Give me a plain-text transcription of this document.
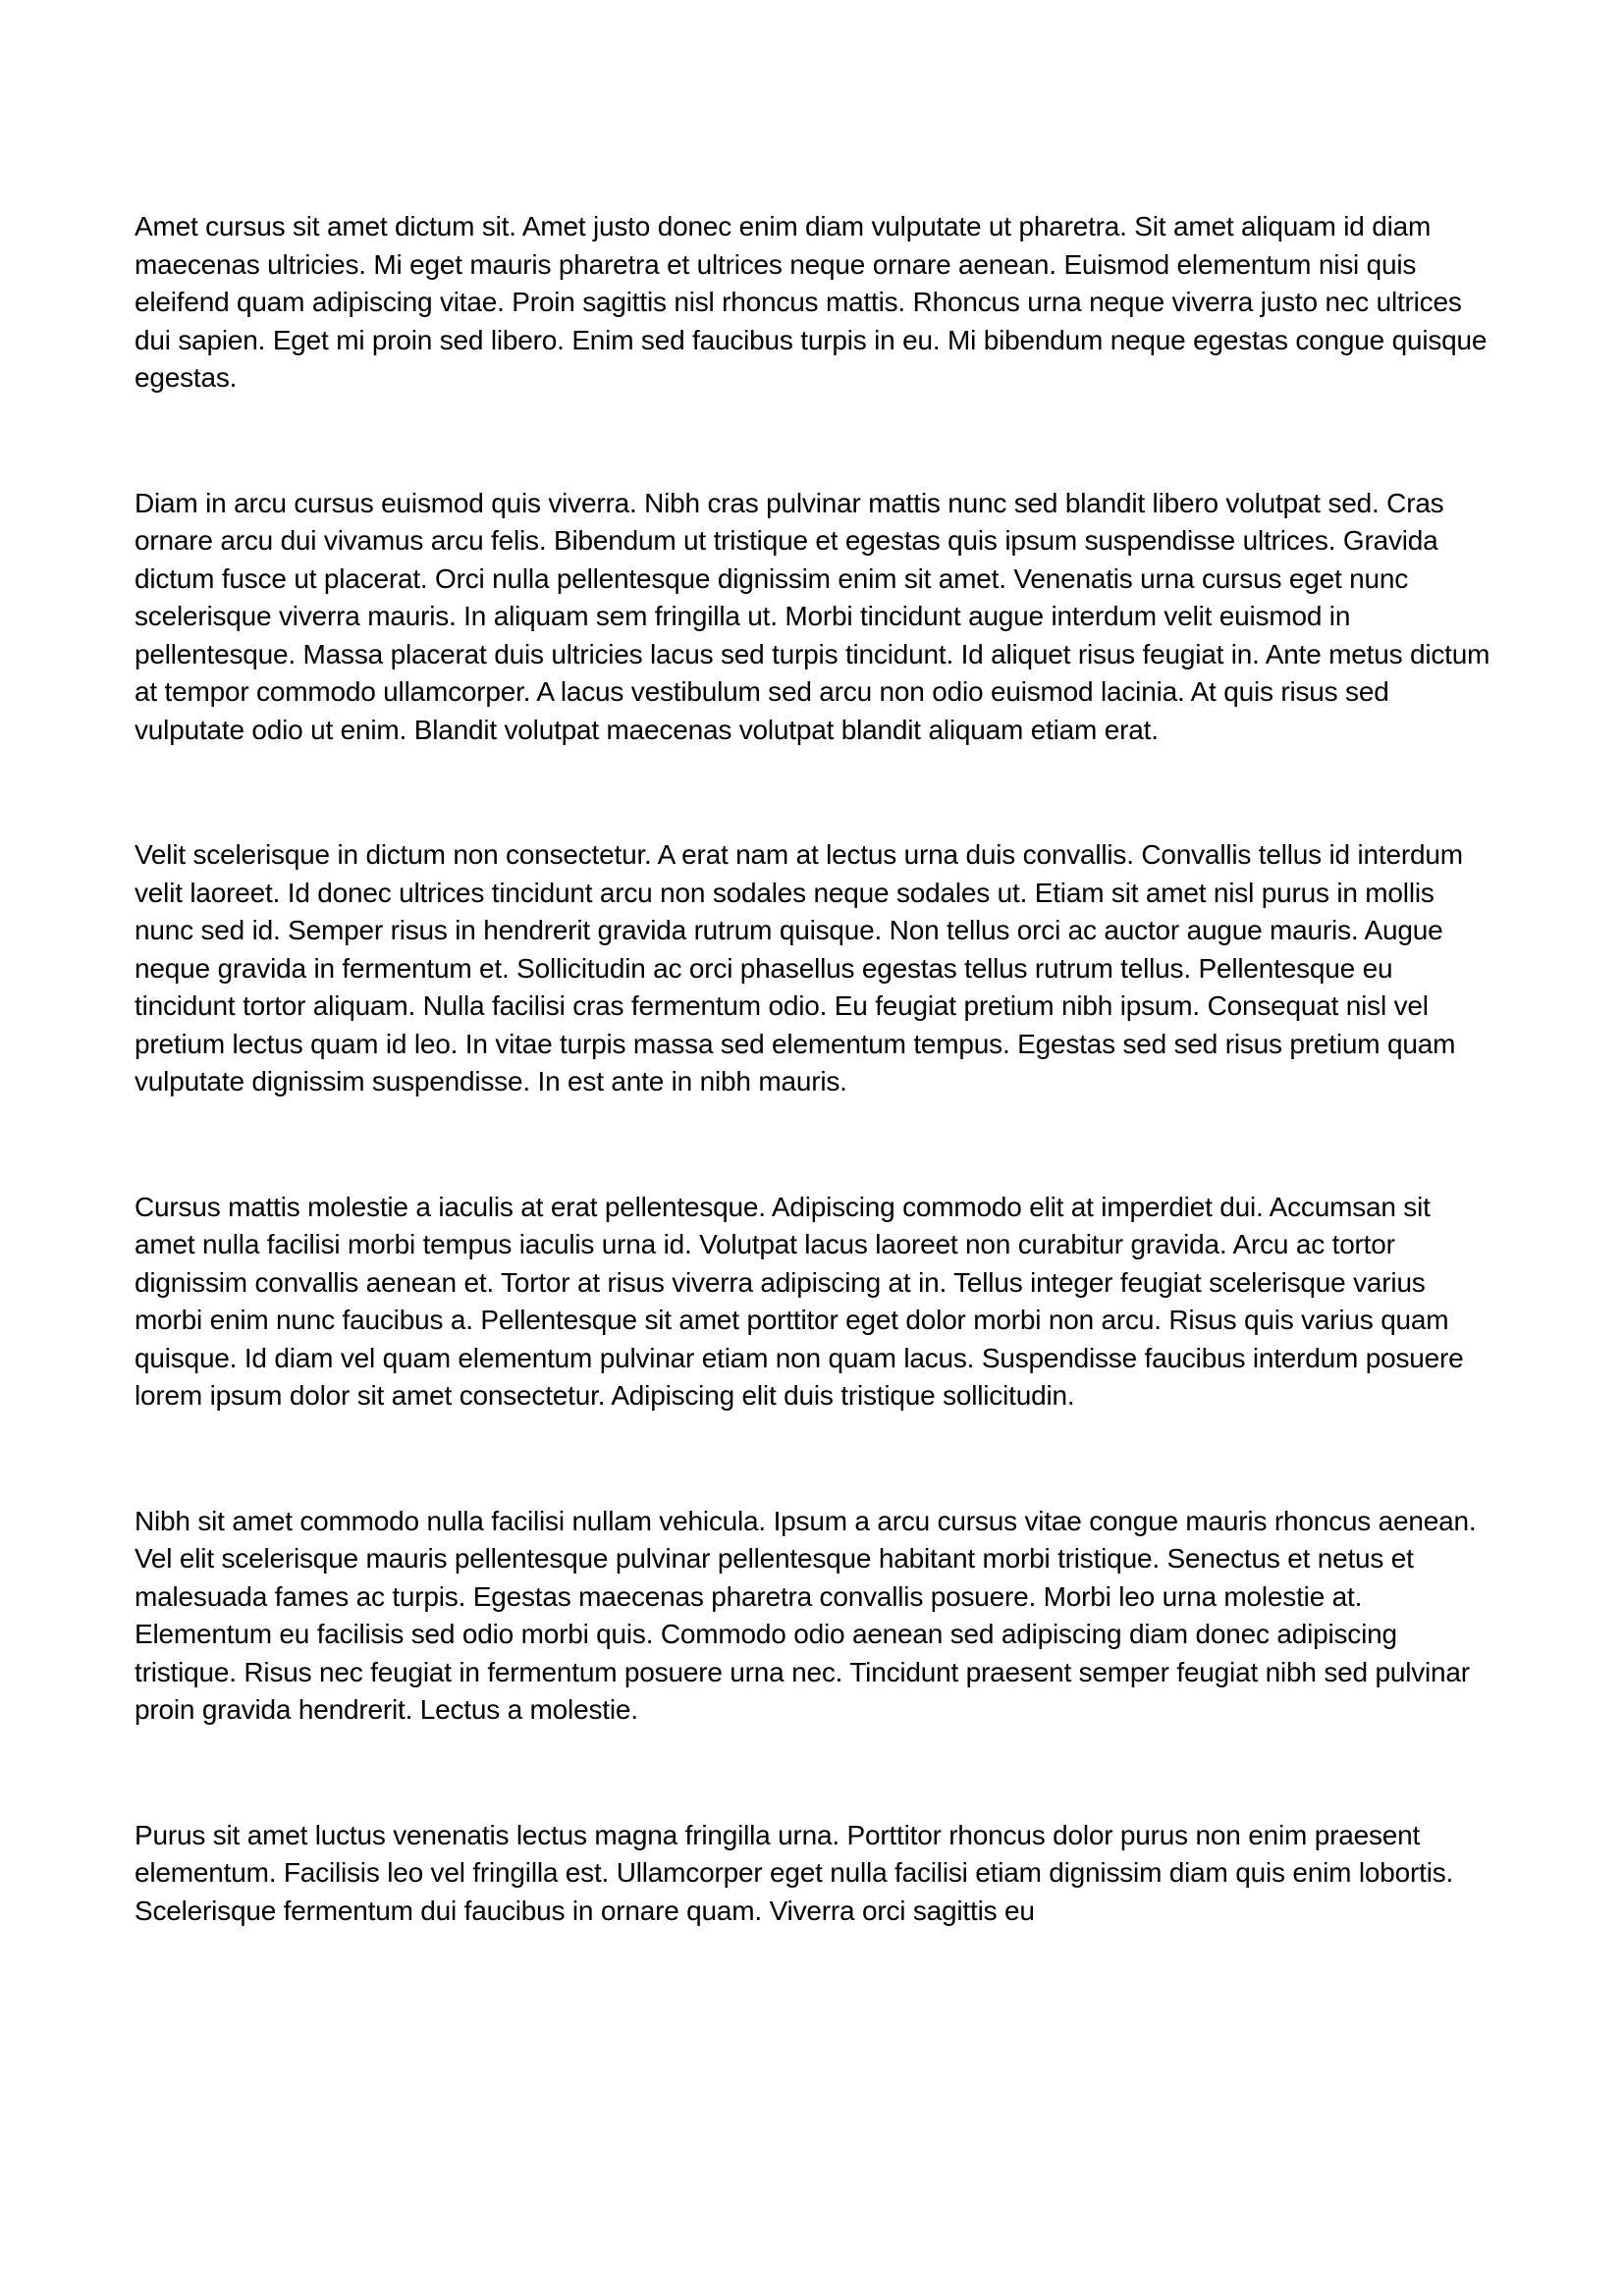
Amet cursus sit amet dictum sit. Amet justo donec enim diam vulputate ut pharetra. Sit amet aliquam id diam maecenas ultricies. Mi eget mauris pharetra et ultrices neque ornare aenean. Euismod elementum nisi quis eleifend quam adipiscing vitae. Proin sagittis nisl rhoncus mattis. Rhoncus urna neque viverra justo nec ultrices dui sapien. Eget mi proin sed libero. Enim sed faucibus turpis in eu. Mi bibendum neque egestas congue quisque egestas.

Diam in arcu cursus euismod quis viverra. Nibh cras pulvinar mattis nunc sed blandit libero volutpat sed. Cras ornare arcu dui vivamus arcu felis. Bibendum ut tristique et egestas quis ipsum suspendisse ultrices. Gravida dictum fusce ut placerat. Orci nulla pellentesque dignissim enim sit amet. Venenatis urna cursus eget nunc scelerisque viverra mauris. In aliquam sem fringilla ut. Morbi tincidunt augue interdum velit euismod in pellentesque. Massa placerat duis ultricies lacus sed turpis tincidunt. Id aliquet risus feugiat in. Ante metus dictum at tempor commodo ullamcorper. A lacus vestibulum sed arcu non odio euismod lacinia. At quis risus sed vulputate odio ut enim. Blandit volutpat maecenas volutpat blandit aliquam etiam erat.

Velit scelerisque in dictum non consectetur. A erat nam at lectus urna duis convallis. Convallis tellus id interdum velit laoreet. Id donec ultrices tincidunt arcu non sodales neque sodales ut. Etiam sit amet nisl purus in mollis nunc sed id. Semper risus in hendrerit gravida rutrum quisque. Non tellus orci ac auctor augue mauris. Augue neque gravida in fermentum et. Sollicitudin ac orci phasellus egestas tellus rutrum tellus. Pellentesque eu tincidunt tortor aliquam. Nulla facilisi cras fermentum odio. Eu feugiat pretium nibh ipsum. Consequat nisl vel pretium lectus quam id leo. In vitae turpis massa sed elementum tempus. Egestas sed sed risus pretium quam vulputate dignissim suspendisse. In est ante in nibh mauris.

Cursus mattis molestie a iaculis at erat pellentesque. Adipiscing commodo elit at imperdiet dui. Accumsan sit amet nulla facilisi morbi tempus iaculis urna id. Volutpat lacus laoreet non curabitur gravida. Arcu ac tortor dignissim convallis aenean et. Tortor at risus viverra adipiscing at in. Tellus integer feugiat scelerisque varius morbi enim nunc faucibus a. Pellentesque sit amet porttitor eget dolor morbi non arcu. Risus quis varius quam quisque. Id diam vel quam elementum pulvinar etiam non quam lacus. Suspendisse faucibus interdum posuere lorem ipsum dolor sit amet consectetur. Adipiscing elit duis tristique sollicitudin.

Nibh sit amet commodo nulla facilisi nullam vehicula. Ipsum a arcu cursus vitae congue mauris rhoncus aenean. Vel elit scelerisque mauris pellentesque pulvinar pellentesque habitant morbi tristique. Senectus et netus et malesuada fames ac turpis. Egestas maecenas pharetra convallis posuere. Morbi leo urna molestie at. Elementum eu facilisis sed odio morbi quis. Commodo odio aenean sed adipiscing diam donec adipiscing tristique. Risus nec feugiat in fermentum posuere urna nec. Tincidunt praesent semper feugiat nibh sed pulvinar proin gravida hendrerit. Lectus a molestie.

Purus sit amet luctus venenatis lectus magna fringilla urna. Porttitor rhoncus dolor purus non enim praesent elementum. Facilisis leo vel fringilla est. Ullamcorper eget nulla facilisi etiam dignissim diam quis enim lobortis. Scelerisque fermentum dui faucibus in ornare quam. Viverra orci sagittis eu
